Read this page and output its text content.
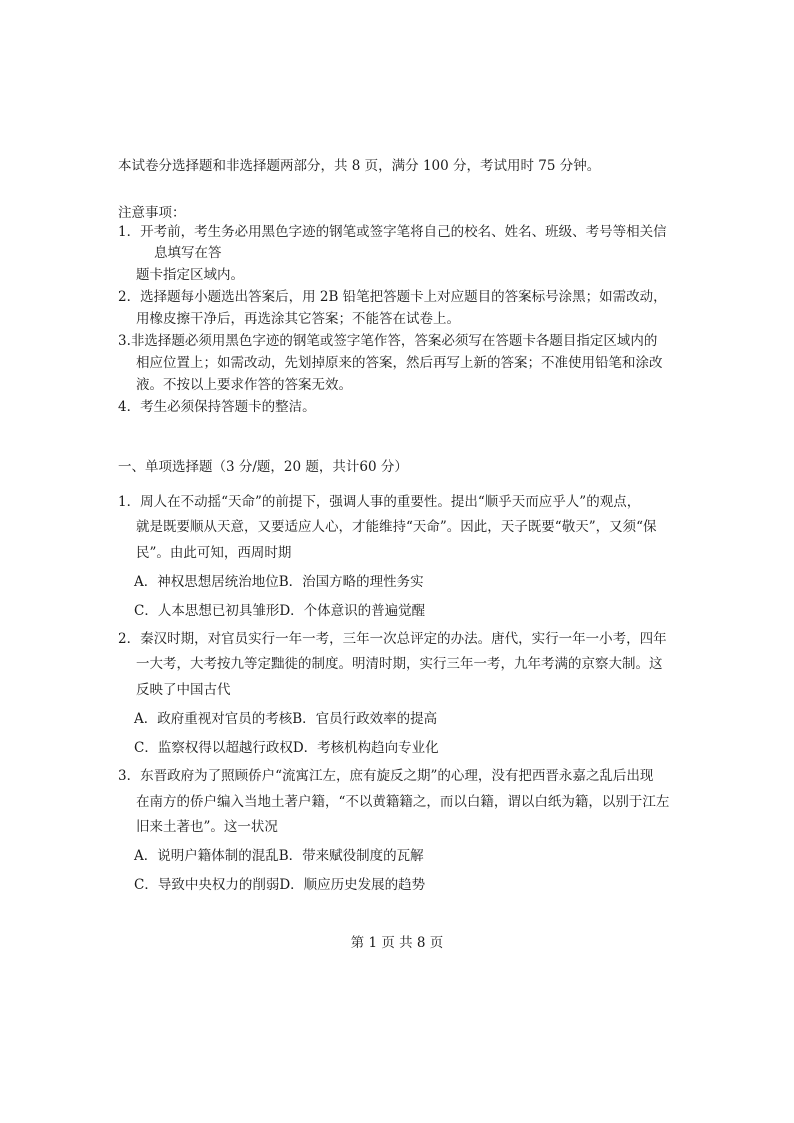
本试卷分选择题和非选择题两部分，共 8 页，满分 100 分，考试用时 75 分钟。
注意事项：
1．开考前，考生务必用黑色字迹的钢笔或签字笔将自己的校名、姓名、班级、考号等相关信
息填写在答
题卡指定区域内。
2．选择题每小题选出答案后，用 2B 铅笔把答题卡上对应题目的答案标号涂黑；如需改动，
用橡皮擦干净后，再选涂其它答案；不能答在试卷上。
3.非选择题必须用黑色字迹的钢笔或签字笔作答，答案必须写在答题卡各题目指定区域内的
相应位置上；如需改动，先划掉原来的答案，然后再写上新的答案；不准使用铅笔和涂改
液。不按以上要求作答的答案无效。
4．考生必须保持答题卡的整洁。
一、单项选择题（3 分/题，20 题，共计60 分）
1．周人在不动摇“天命”的前提下，强调人事的重要性。提出“顺乎天而应乎人”的观点，
就是既要顺从天意，又要适应人心，才能维持“天命”。因此，天子既要“敬天”，又须“保
民”。由此可知，西周时期
A．神权思想居统治地位B．治国方略的理性务实
C．人本思想已初具雏形D．个体意识的普遍觉醒
2．秦汉时期，对官员实行一年一考，三年一次总评定的办法。唐代，实行一年一小考，四年
一大考，大考按九等定黜徙的制度。明清时期，实行三年一考，九年考满的京察大制。这
反映了中国古代
A．政府重视对官员的考核B．官员行政效率的提高
C．监察权得以超越行政权D．考核机构趋向专业化
3．东晋政府为了照顾侨户“流寓江左，庶有旋反之期”的心理，没有把西晋永嘉之乱后出现
在南方的侨户编入当地土著户籍，“不以黄籍籍之，而以白籍，谓以白纸为籍，以别于江左
旧来土著也”。这一状况
A．说明户籍体制的混乱B．带来赋役制度的瓦解
C．导致中央权力的削弱D．顺应历史发展的趋势
第 1 页 共 8 页
